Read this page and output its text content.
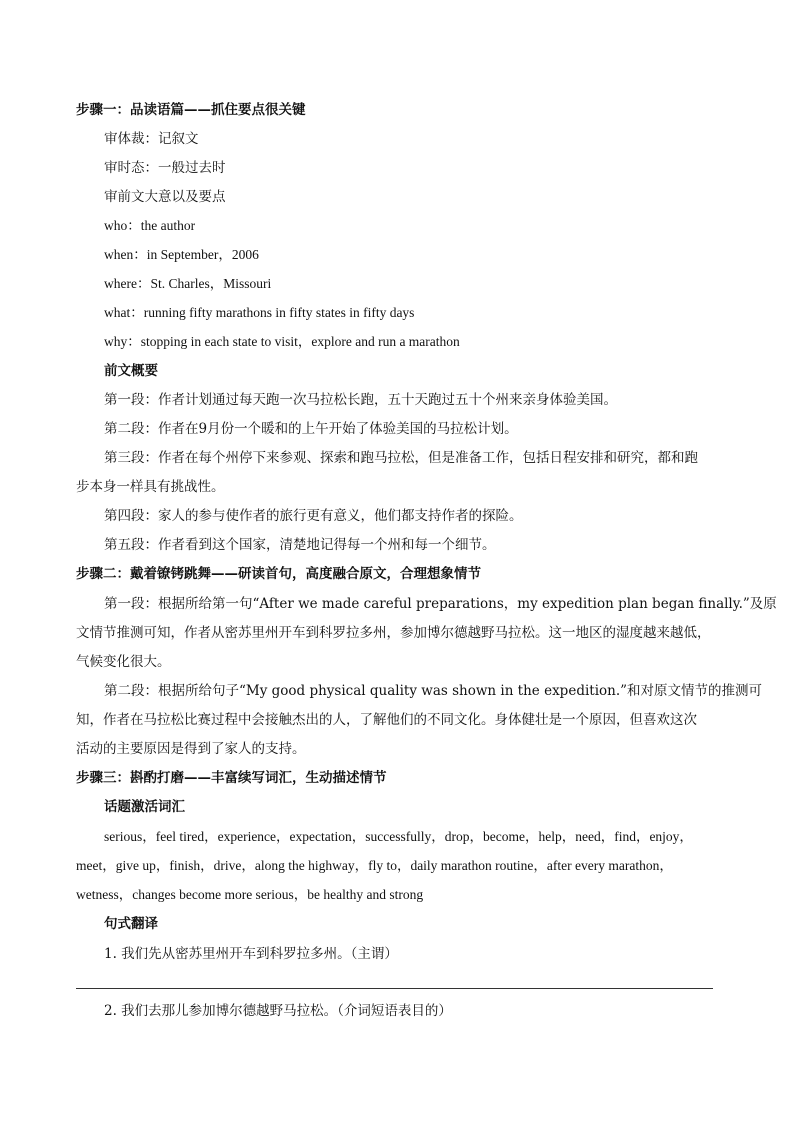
步骤一：品读语篇——抓住要点很关键
审体裁：记叙文
审时态：一般过去时
审前文大意以及要点
who：the author
when：in September，2006
where：St. Charles，Missouri
what：running fifty marathons in fifty states in fifty days
why：stopping in each state to visit，explore and run a marathon
前文概要
第一段：作者计划通过每天跑一次马拉松长跑，五十天跑过五十个州来亲身体验美国。
第二段：作者在9月份一个暖和的上午开始了体验美国的马拉松计划。
第三段：作者在每个州停下来参观、探索和跑马拉松，但是准备工作，包括日程安排和研究，都和跑
步本身一样具有挑战性。
第四段：家人的参与使作者的旅行更有意义，他们都支持作者的探险。
第五段：作者看到这个国家，清楚地记得每一个州和每一个细节。
步骤二：戴着镣铐跳舞——研读首句，高度融合原文，合理想象情节
第一段：根据所给第一句“After we made careful preparations，my expedition plan began finally.”及原
文情节推测可知，作者从密苏里州开车到科罗拉多州，参加博尔德越野马拉松。这一地区的湿度越来越低，
气候变化很大。
第二段：根据所给句子“My good physical quality was shown in the expedition.”和对原文情节的推测可
知，作者在马拉松比赛过程中会接触杰出的人，了解他们的不同文化。身体健壮是一个原因，但喜欢这次
活动的主要原因是得到了家人的支持。
步骤三：斟酌打磨——丰富续写词汇，生动描述情节
话题激活词汇
serious，feel tired，experience，expectation，successfully，drop，become，help，need，find，enjoy，
meet，give up，finish，drive，along the highway，fly to，daily marathon routine，after every marathon，
wetness，changes become more serious，be healthy and strong
句式翻译
1. 我们先从密苏里州开车到科罗拉多州。（主谓）
2. 我们去那儿参加博尔德越野马拉松。（介词短语表目的）
